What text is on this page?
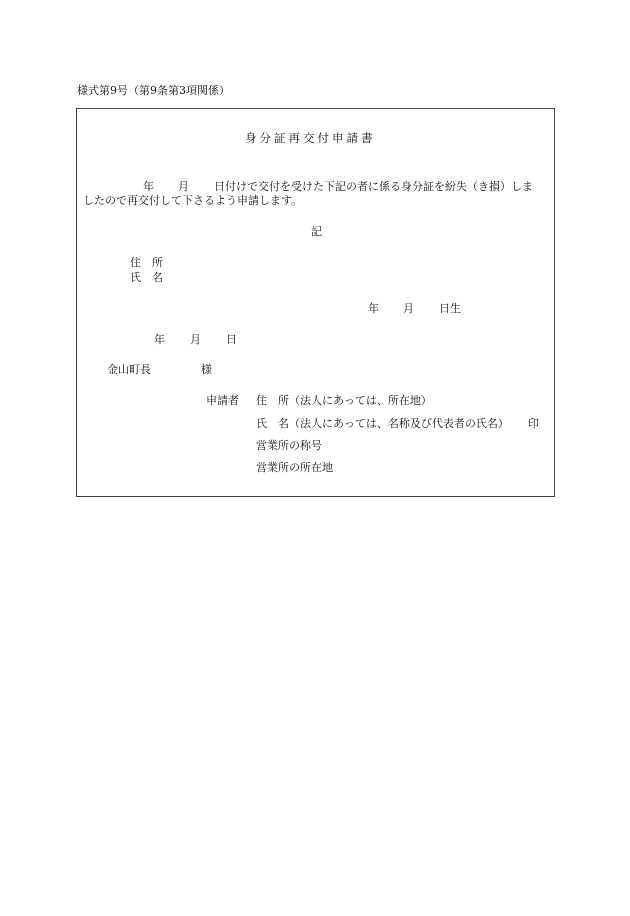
様式第9号（第9条第3項関係）
身分証再交付申請書
年 月 日付けで交付を受けた下記の者に係る身分証を紛失（き損）しま
したので再交付して下さるよう申請します。
記
住　所
氏　名
年 月 日生
年 月 日
金山町長	様
申請者 住　所（法人にあっては、所在地）
氏　名（法人にあっては、名称及び代表者の氏名） 印
営業所の称号
営業所の所在地
